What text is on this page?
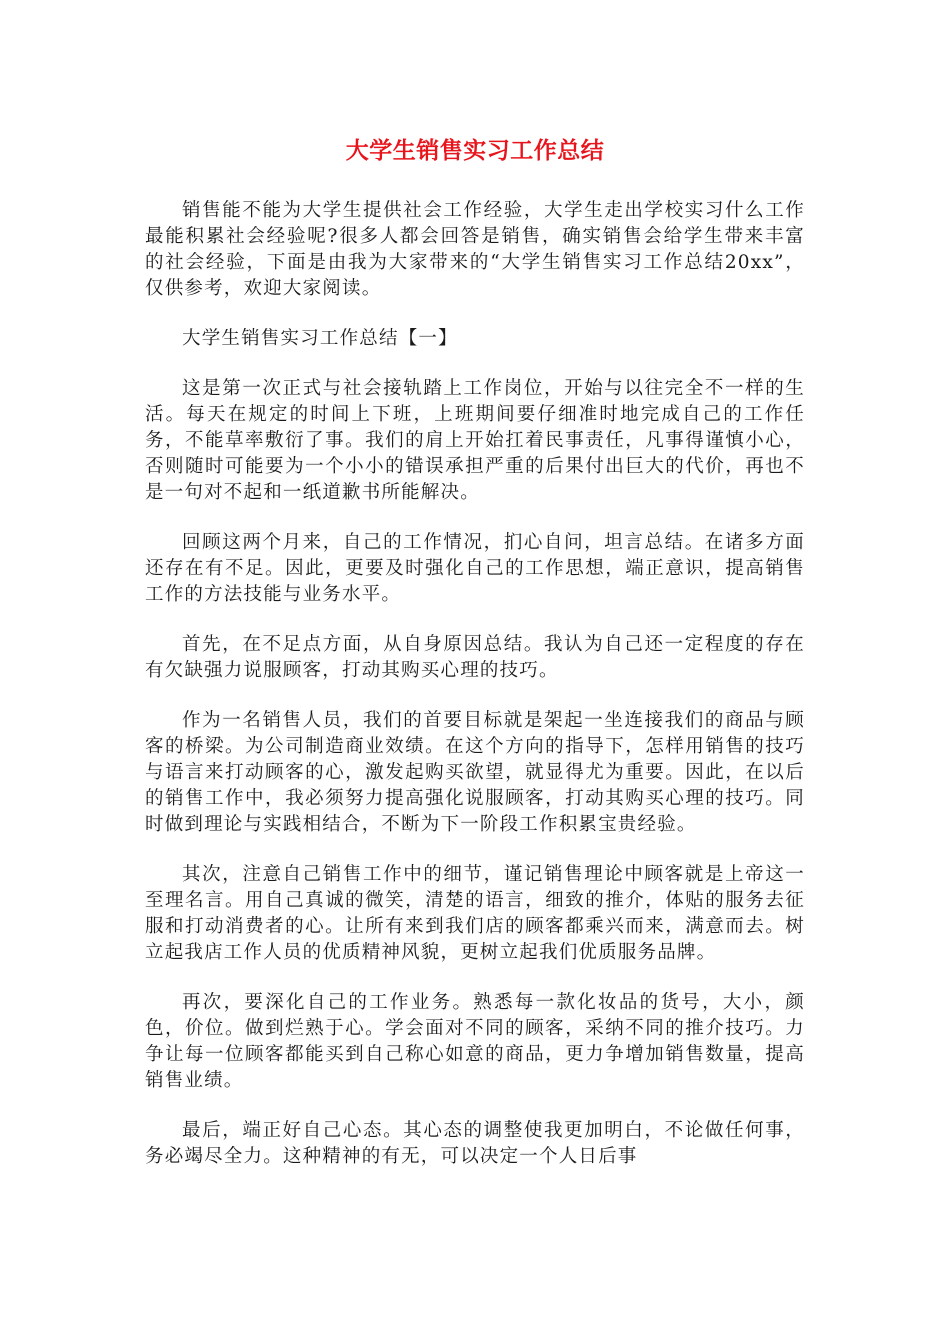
大学生销售实习工作总结

销售能不能为大学生提供社会工作经验，大学生走出学校实习什么工作最能积累社会经验呢?很多人都会回答是销售，确实销售会给学生带来丰富的社会经验，下面是由我为大家带来的“大学生销售实习工作总结20xx”，仅供参考，欢迎大家阅读。

大学生销售实习工作总结【一】

这是第一次正式与社会接轨踏上工作岗位，开始与以往完全不一样的生活。每天在规定的时间上下班，上班期间要仔细准时地完成自己的工作任务，不能草率敷衍了事。我们的肩上开始扛着民事责任，凡事得谨慎小心，否则随时可能要为一个小小的错误承担严重的后果付出巨大的代价，再也不是一句对不起和一纸道歉书所能解决。

回顾这两个月来，自己的工作情况，扪心自问，坦言总结。在诸多方面还存在有不足。因此，更要及时强化自己的工作思想，端正意识，提高销售工作的方法技能与业务水平。

首先，在不足点方面，从自身原因总结。我认为自己还一定程度的存在有欠缺强力说服顾客，打动其购买心理的技巧。

作为一名销售人员，我们的首要目标就是架起一坐连接我们的商品与顾客的桥梁。为公司制造商业效绩。在这个方向的指导下，怎样用销售的技巧与语言来打动顾客的心，激发起购买欲望，就显得尤为重要。因此，在以后的销售工作中，我必须努力提高强化说服顾客，打动其购买心理的技巧。同时做到理论与实践相结合，不断为下一阶段工作积累宝贵经验。

其次，注意自己销售工作中的细节，谨记销售理论中顾客就是上帝这一至理名言。用自己真诚的微笑，清楚的语言，细致的推介，体贴的服务去征服和打动消费者的心。让所有来到我们店的顾客都乘兴而来，满意而去。树立起我店工作人员的优质精神风貌，更树立起我们优质服务品牌。

再次，要深化自己的工作业务。熟悉每一款化妆品的货号，大小，颜色，价位。做到烂熟于心。学会面对不同的顾客，采纳不同的推介技巧。力争让每一位顾客都能买到自己称心如意的商品，更力争增加销售数量，提高销售业绩。

最后，端正好自己心态。其心态的调整使我更加明白，不论做任何事，务必竭尽全力。这种精神的有无，可以决定一个人日后事
